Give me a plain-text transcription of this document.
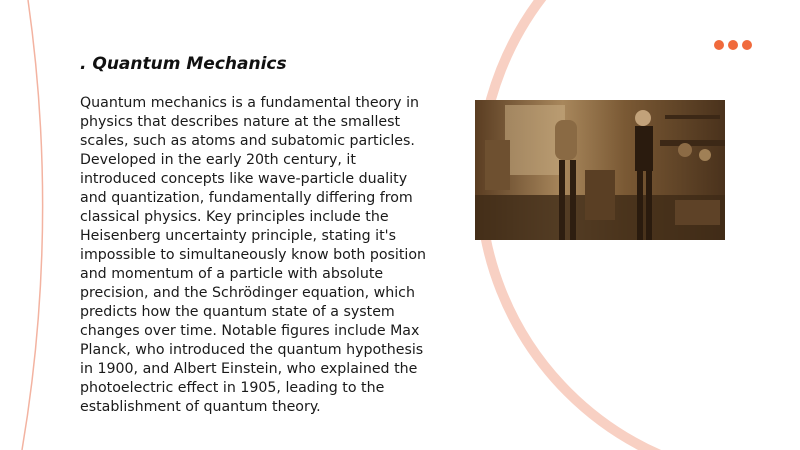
. Quantum Mechanics

Quantum mechanics is a fundamental theory in physics that describes nature at the smallest scales, such as atoms and subatomic particles. Developed in the early 20th century, it introduced concepts like wave-particle duality and quantization, fundamentally differing from classical physics. Key principles include the Heisenberg uncertainty principle, stating it's impossible to simultaneously know both position and momentum of a particle with absolute precision, and the Schrödinger equation, which predicts how the quantum state of a system changes over time. Notable figures include Max Planck, who introduced the quantum hypothesis in 1900, and Albert Einstein, who explained the photoelectric effect in 1905, leading to the establishment of quantum theory.
